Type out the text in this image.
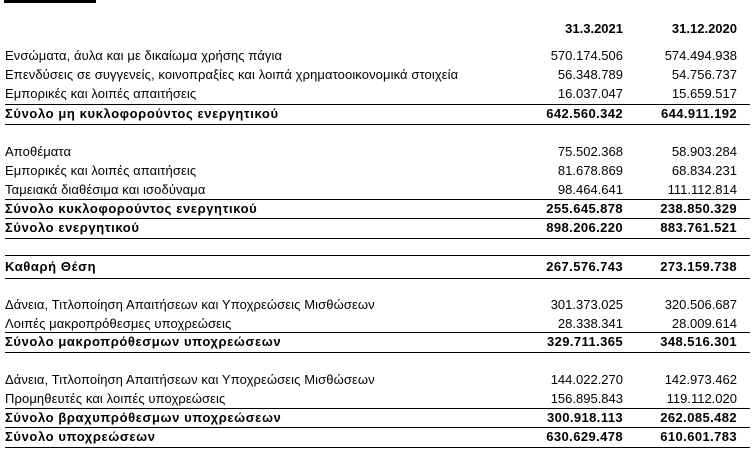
31.3.2021	31.12.2020
Ενσώματα, άυλα και με δικαίωμα χρήσης πάγια	570.174.506	574.494.938
Επενδύσεις σε συγγενείς, κοινοπραξίες και λοιπά χρηματοοικονομικά στοιχεία	56.348.789	54.756.737
Εμπορικές και λοιπές απαιτήσεις	16.037.047	15.659.517
Σύνολο μη κυκλοφορούντος ενεργητικού	642.560.342	644.911.192
Αποθέματα	75.502.368	58.903.284
Εμπορικές και λοιπές απαιτήσεις	81.678.869	68.834.231
Ταμειακά διαθέσιμα και ισοδύναμα	98.464.641	111.112.814
Σύνολο κυκλοφορούντος ενεργητικού	255.645.878	238.850.329
Σύνολο ενεργητικού	898.206.220	883.761.521
Καθαρή Θέση	267.576.743	273.159.738
Δάνεια, Τιτλοποίηση Απαιτήσεων και Υποχρεώσεις Μισθώσεων	301.373.025	320.506.687
Λοιπές μακροπρόθεσμες υποχρεώσεις	28.338.341	28.009.614
Σύνολο μακροπρόθεσμων υποχρεώσεων	329.711.365	348.516.301
Δάνεια, Τιτλοποίηση Απαιτήσεων και Υποχρεώσεις Μισθώσεων	144.022.270	142.973.462
Προμηθευτές και λοιπές υποχρεώσεις	156.895.843	119.112.020
Σύνολο βραχυπρόθεσμων υποχρεώσεων	300.918.113	262.085.482
Σύνολο υποχρεώσεων	630.629.478	610.601.783
